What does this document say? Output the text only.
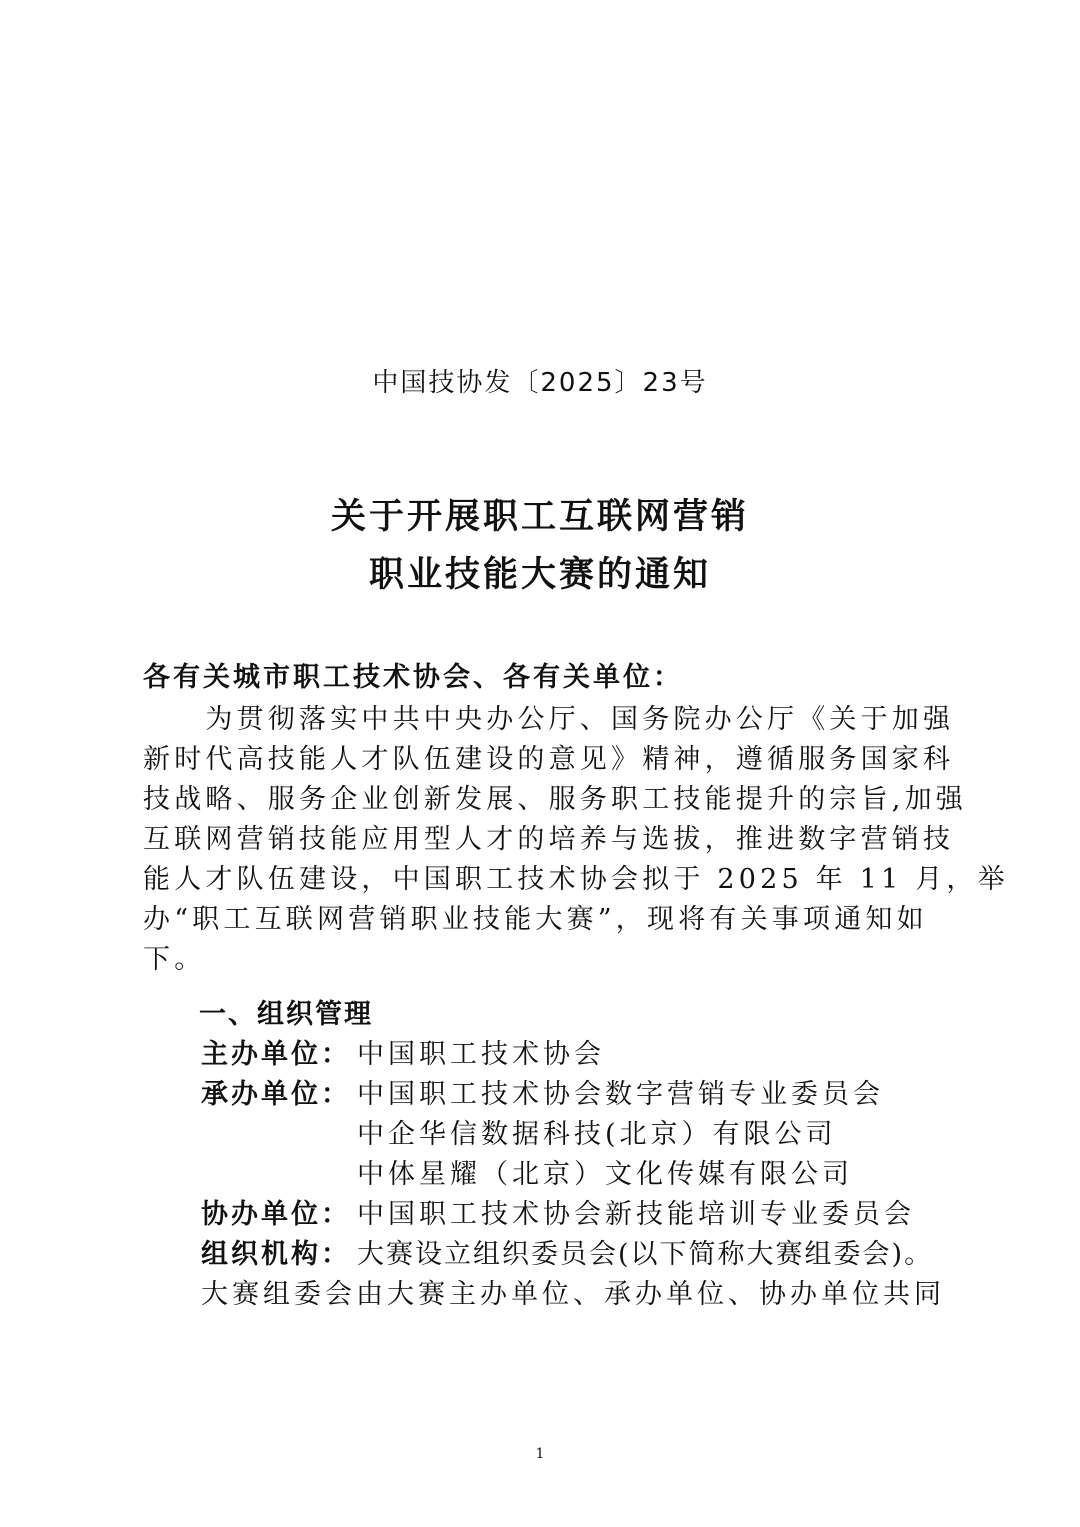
中国技协发〔2025〕23号
关于开展职工互联网营销
职业技能大赛的通知
各有关城市职工技术协会、各有关单位：
　　为贯彻落实中共中央办公厅、国务院办公厅《关于加强
新时代高技能人才队伍建设的意见》精神，遵循服务国家科
技战略、服务企业创新发展、服务职工技能提升的宗旨,加强
互联网营销技能应用型人才的培养与选拔，推进数字营销技
能人才队伍建设，中国职工技术协会拟于 2025 年 11 月，举
办“职工互联网营销职业技能大赛”，现将有关事项通知如
下。
一、组织管理
主办单位： 中国职工技术协会
承办单位： 中国职工技术协会数字营销专业委员会
中企华信数据科技(北京）有限公司
中体星耀（北京）文化传媒有限公司
协办单位： 中国职工技术协会新技能培训专业委员会
组织机构： 大赛设立组织委员会(以下简称大赛组委会)。
大赛组委会由大赛主办单位、承办单位、协办单位共同
1
